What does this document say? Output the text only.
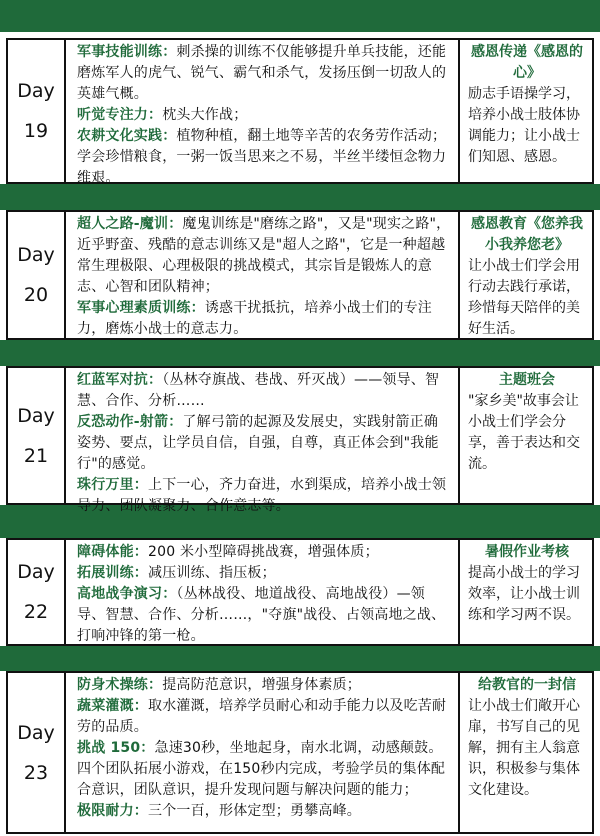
Day
19

军事技能训练：刺杀操的训练不仅能够提升单兵技能，还能磨炼军人的虎气、锐气、霸气和杀气，发扬压倒一切敌人的英雄气概。

听觉专注力：枕头大作战；

农耕文化实践：植物种植，翻土地等辛苦的农务劳作活动；学会珍惜粮食，一粥一饭当思来之不易，半丝半缕恒念物力维艰。

感恩传递《感恩的心》

励志手语操学习，培养小战士肢体协调能力；让小战士们知恩、感恩。

Day
20

超人之路-魔训：魔鬼训练是"磨练之路"，又是"现实之路"，近乎野蛮、残酷的意志训练又是"超人之路"，它是一种超越常生理极限、心理极限的挑战模式，其宗旨是锻炼人的意志、心智和团队精神；

军事心理素质训练：诱惑干扰抵抗，培养小战士们的专注力，磨炼小战士的意志力。

感恩教育《您养我小我养您老》

让小战士们学会用行动去践行承诺，珍惜每天陪伴的美好生活。

Day
21

红蓝军对抗：（丛林夺旗战、巷战、歼灭战）——领导、智慧、合作、分析……

反恐动作-射箭：了解弓箭的起源及发展史，实践射箭正确姿势、要点，让学员自信，自强，自尊，真正体会到"我能行"的感觉。

珠行万里：上下一心，齐力奋进，水到渠成，培养小战士领导力、团队凝聚力、合作意志等。

主题班会

"家乡美"故事会让小战士们学会分享，善于表达和交流。

Day
22

障碍体能：200 米小型障碍挑战赛，增强体质；

拓展训练：减压训练、指压板；

高地战争演习：（丛林战役、地道战役、高地战役）—领导、智慧、合作、分析……，"夺旗"战役、占领高地之战、打响冲锋的第一枪。

暑假作业考核

提高小战士的学习效率，让小战士训练和学习两不误。

Day
23

防身术操练：提高防范意识，增强身体素质；

蔬菜灌溉：取水灌溉，培养学员耐心和动手能力以及吃苦耐劳的品质。

挑战 150：急速30秒，坐地起身，南水北调，动感颠鼓。四个团队拓展小游戏，在150秒内完成，考验学员的集体配合意识，团队意识，提升发现问题与解决问题的能力；

极限耐力：三个一百，形体定型；勇攀高峰。

给教官的一封信

让小战士们敞开心扉，书写自己的见解，拥有主人翁意识，积极参与集体文化建设。
